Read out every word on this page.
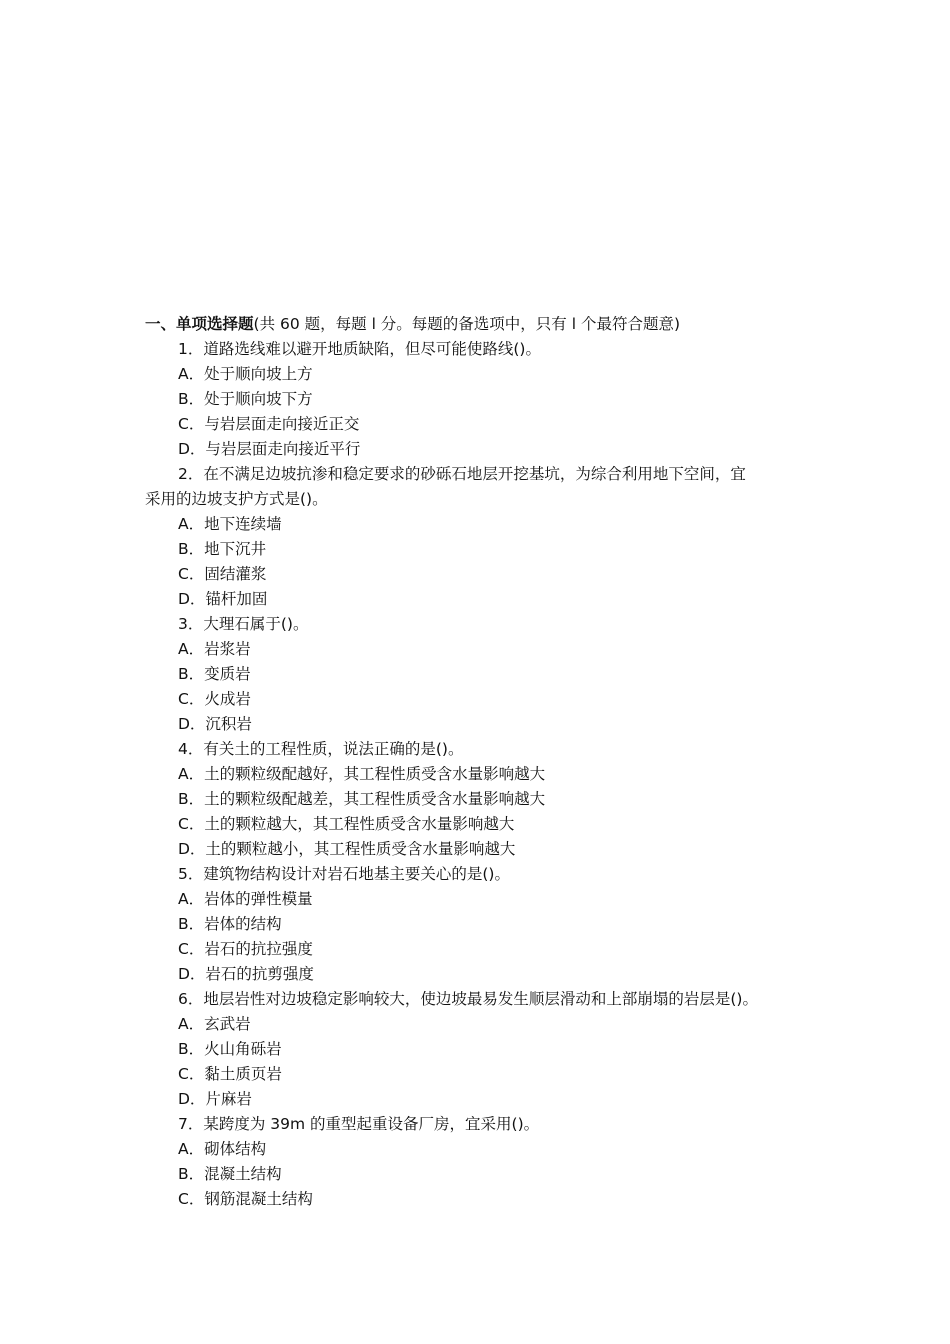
一、单项选择题(共 60 题，每题 l 分。每题的备选项中，只有 l 个最符合题意)
1．道路选线难以避开地质缺陷，但尽可能使路线()。
A．处于顺向坡上方
B．处于顺向坡下方
C．与岩层面走向接近正交
D．与岩层面走向接近平行
2．在不满足边坡抗渗和稳定要求的砂砾石地层开挖基坑，为综合利用地下空间，宜
采用的边坡支护方式是()。
A．地下连续墙
B．地下沉井
C．固结灌浆
D．锚杆加固
3．大理石属于()。
A．岩浆岩
B．变质岩
C．火成岩
D．沉积岩
4．有关土的工程性质，说法正确的是()。
A．土的颗粒级配越好，其工程性质受含水量影响越大
B．土的颗粒级配越差，其工程性质受含水量影响越大
C．土的颗粒越大，其工程性质受含水量影响越大
D．土的颗粒越小，其工程性质受含水量影响越大
5．建筑物结构设计对岩石地基主要关心的是()。
A．岩体的弹性模量
B．岩体的结构
C．岩石的抗拉强度
D．岩石的抗剪强度
6．地层岩性对边坡稳定影响较大，使边坡最易发生顺层滑动和上部崩塌的岩层是()。
A．玄武岩
B．火山角砾岩
C．黏土质页岩
D．片麻岩
7．某跨度为 39m 的重型起重设备厂房，宜采用()。
A．砌体结构
B．混凝土结构
C．钢筋混凝土结构
